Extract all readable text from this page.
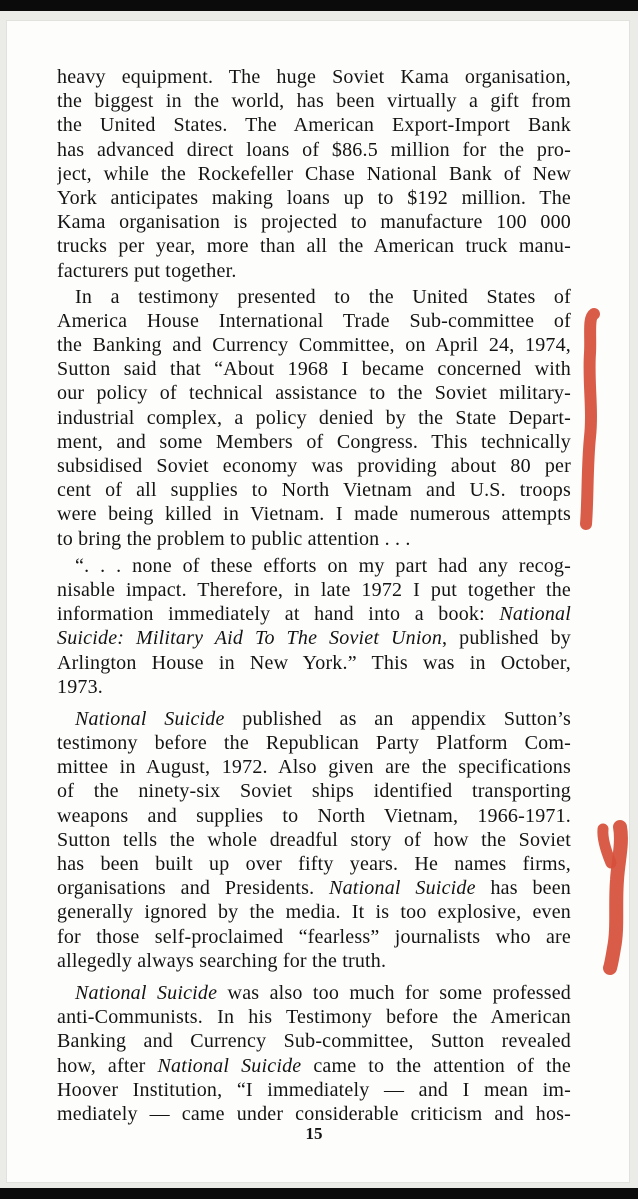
heavy equipment. The huge Soviet Kama organisation,
the biggest in the world, has been virtually a gift from
the United States. The American Export-Import Bank
has advanced direct loans of $86.5 million for the pro-
ject, while the Rockefeller Chase National Bank of New
York anticipates making loans up to $192 million. The
Kama organisation is projected to manufacture 100 000
trucks per year, more than all the American truck manu-
facturers put together.
In a testimony presented to the United States of
America House International Trade Sub-committee of
the Banking and Currency Committee, on April 24, 1974,
Sutton said that “About 1968 I became concerned with
our policy of technical assistance to the Soviet military-
industrial complex, a policy denied by the State Depart-
ment, and some Members of Congress. This technically
subsidised Soviet economy was providing about 80 per
cent of all supplies to North Vietnam and U.S. troops
were being killed in Vietnam. I made numerous attempts
to bring the problem to public attention . . .
“. . . none of these efforts on my part had any recog-
nisable impact. Therefore, in late 1972 I put together the
information immediately at hand into a book: National
Suicide: Military Aid To The Soviet Union, published by
Arlington House in New York.” This was in October,
1973.
National Suicide published as an appendix Sutton’s
testimony before the Republican Party Platform Com-
mittee in August, 1972. Also given are the specifications
of the ninety-six Soviet ships identified transporting
weapons and supplies to North Vietnam, 1966-1971.
Sutton tells the whole dreadful story of how the Soviet
has been built up over fifty years. He names firms,
organisations and Presidents. National Suicide has been
generally ignored by the media. It is too explosive, even
for those self-proclaimed “fearless” journalists who are
allegedly always searching for the truth.
National Suicide was also too much for some professed
anti-Communists. In his Testimony before the American
Banking and Currency Sub-committee, Sutton revealed
how, after National Suicide came to the attention of the
Hoover Institution, “I immediately — and I mean im-
mediately — came under considerable criticism and hos-
15
